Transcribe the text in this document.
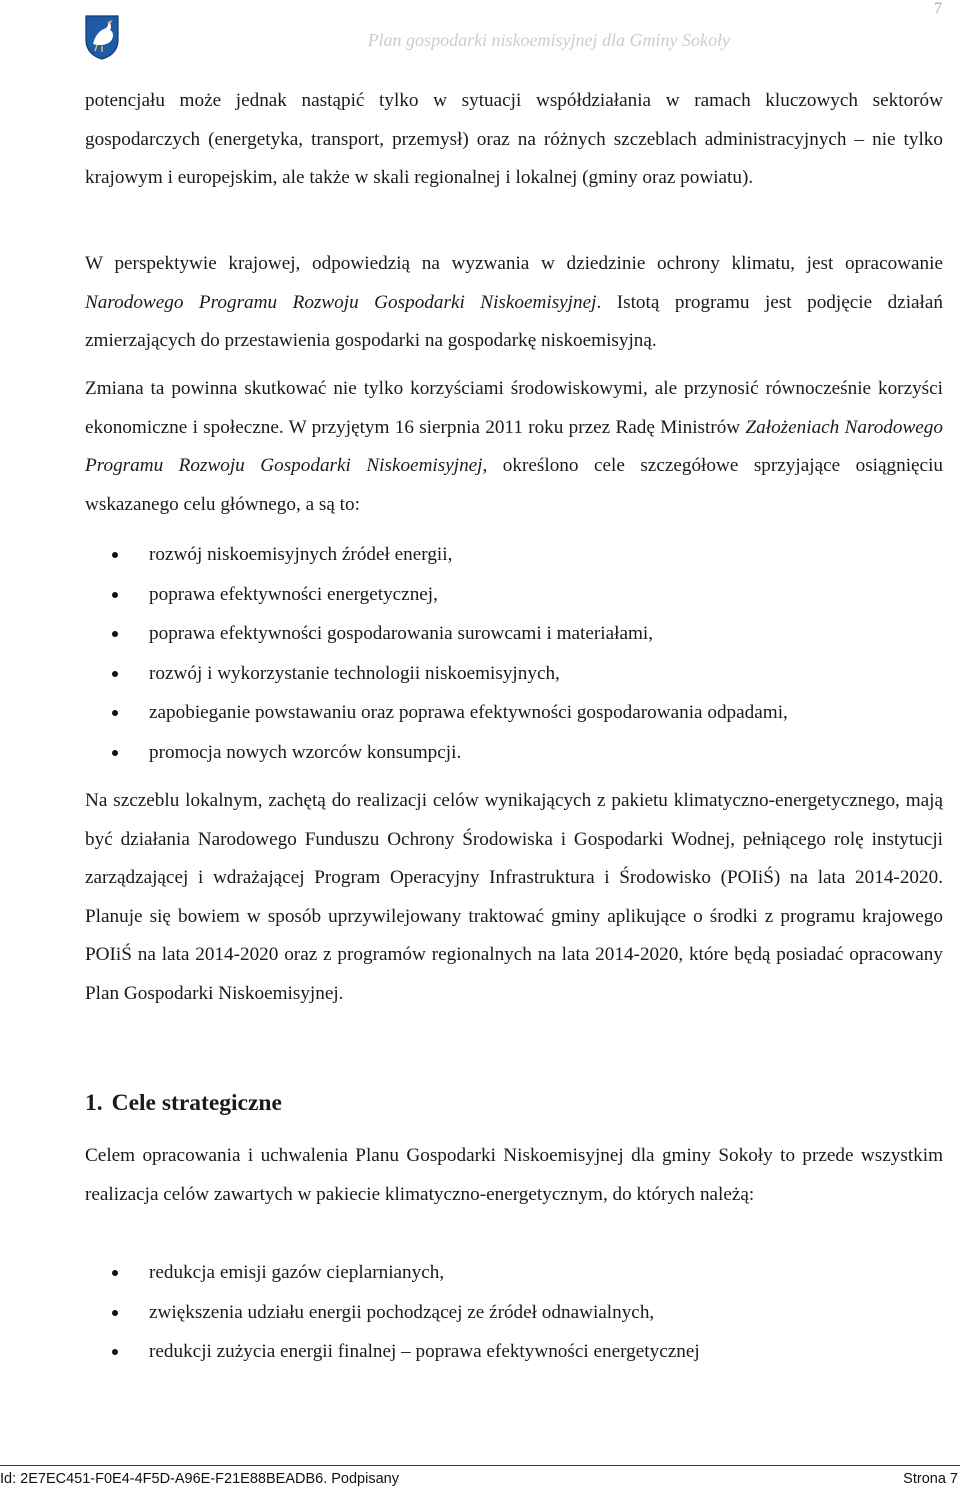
Plan gospodarki niskoemisyjnej dla Gminy Sokoły
7

potencjału może jednak nastąpić tylko w sytuacji współdziałania w ramach kluczowych sektorów gospodarczych (energetyka, transport, przemysł) oraz na różnych szczeblach administracyjnych – nie tylko krajowym i europejskim, ale także w skali regionalnej i lokalnej (gminy oraz powiatu).

W perspektywie krajowej, odpowiedzią na wyzwania w dziedzinie ochrony klimatu, jest opracowanie Narodowego Programu Rozwoju Gospodarki Niskoemisyjnej. Istotą programu jest podjęcie działań zmierzających do przestawienia gospodarki na gospodarkę niskoemisyjną.

Zmiana ta powinna skutkować nie tylko korzyściami środowiskowymi, ale przynosić równocześnie korzyści ekonomiczne i społeczne. W przyjętym 16 sierpnia 2011 roku przez Radę Ministrów Założeniach Narodowego Programu Rozwoju Gospodarki Niskoemisyjnej, określono cele szczegółowe sprzyjające osiągnięciu wskazanego celu głównego, a są to:

rozwój niskoemisyjnych źródeł energii,
poprawa efektywności energetycznej,
poprawa efektywności gospodarowania surowcami i materiałami,
rozwój i wykorzystanie technologii niskoemisyjnych,
zapobieganie powstawaniu oraz poprawa efektywności gospodarowania odpadami,
promocja nowych wzorców konsumpcji.

Na szczeblu lokalnym, zachętą do realizacji celów wynikających z pakietu klimatyczno-energetycznego, mają być działania Narodowego Funduszu Ochrony Środowiska i Gospodarki Wodnej, pełniącego rolę instytucji zarządzającej i wdrażającej Program Operacyjny Infrastruktura i Środowisko (POIiŚ) na lata 2014-2020. Planuje się bowiem w sposób uprzywilejowany traktować gminy aplikujące o środki z programu krajowego POIiŚ na lata 2014-2020 oraz z programów regionalnych na lata 2014-2020, które będą posiadać opracowany Plan Gospodarki Niskoemisyjnej.

1. Cele strategiczne

Celem opracowania i uchwalenia Planu Gospodarki Niskoemisyjnej dla gminy Sokoły to przede wszystkim realizacja celów zawartych w pakiecie klimatyczno-energetycznym, do których należą:

redukcja emisji gazów cieplarnianych,
zwiększenia udziału energii pochodzącej ze źródeł odnawialnych,
redukcji zużycia energii finalnej – poprawa efektywności energetycznej
Id: 2E7EC451-F0E4-4F5D-A96E-F21E88BEADB6. Podpisany	Strona 7
